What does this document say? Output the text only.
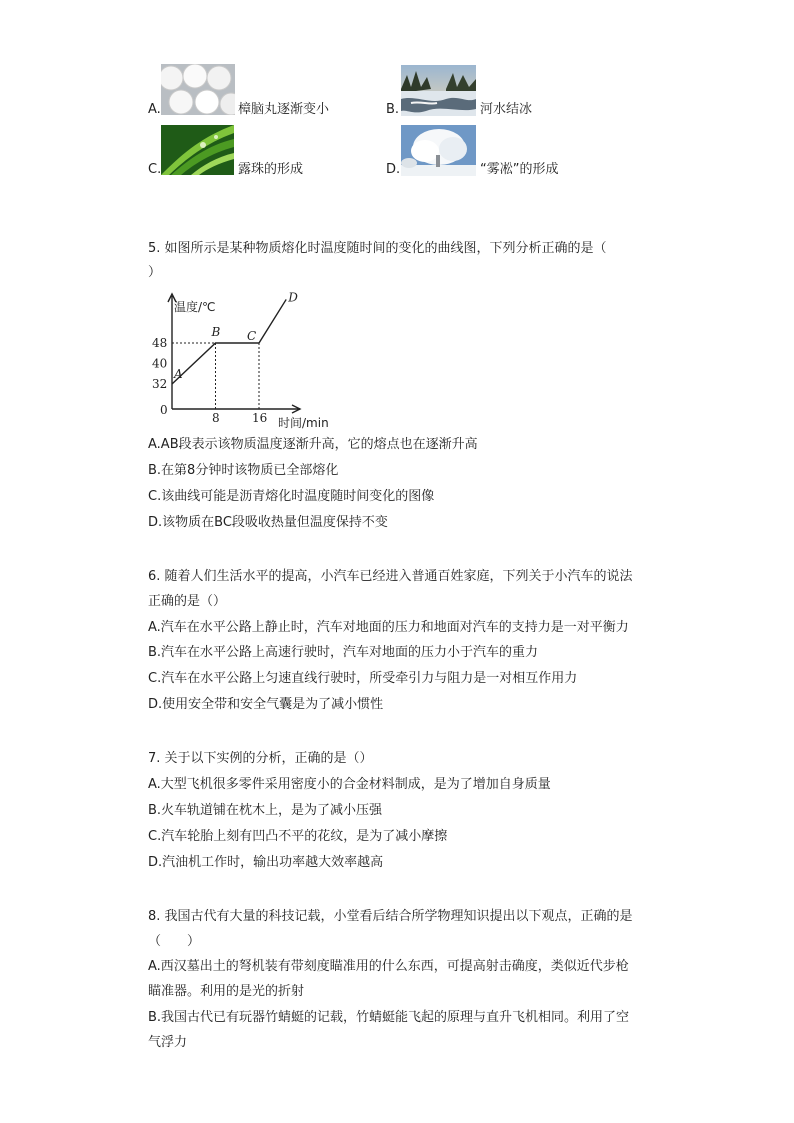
A.	樟脑丸逐渐变小	B.	河水结冰
C.	露珠的形成	D.	“雾凇”的形成
5. 如图所示是某种物质熔化时温度随时间的变化的曲线图，下列分析正确的是（
）
48
40
32
8	16
A
B C
D
温度/℃
时间/min
0
A.AB段表示该物质温度逐渐升高，它的熔点也在逐渐升高
B.在第8分钟时该物质已全部熔化
C.该曲线可能是沥青熔化时温度随时间变化的图像
D.该物质在BC段吸收热量但温度保持不变
6. 随着人们生活水平的提高，小汽车已经进入普通百姓家庭，下列关于小汽车的说法
正确的是（）
A.汽车在水平公路上静止时，汽车对地面的压力和地面对汽车的支持力是一对平衡力
B.汽车在水平公路上高速行驶时，汽车对地面的压力小于汽车的重力
C.汽车在水平公路上匀速直线行驶时，所受牵引力与阻力是一对相互作用力
D.使用安全带和安全气囊是为了减小惯性
7. 关于以下实例的分析，正确的是（）
A.大型飞机很多零件采用密度小的合金材料制成，是为了增加自身质量
B.火车轨道铺在枕木上，是为了减小压强
C.汽车轮胎上刻有凹凸不平的花纹，是为了减小摩擦
D.汽油机工作时，输出功率越大效率越高
8. 我国古代有大量的科技记载，小堂看后结合所学物理知识提出以下观点，正确的是
（　　）
A.西汉墓出土的弩机装有带刻度瞄准用的什么东西，可提高射击确度，类似近代步枪
瞄准器。利用的是光的折射
B.我国古代已有玩器竹蜻蜓的记载，竹蜻蜓能飞起的原理与直升飞机相同。利用了空
气浮力
